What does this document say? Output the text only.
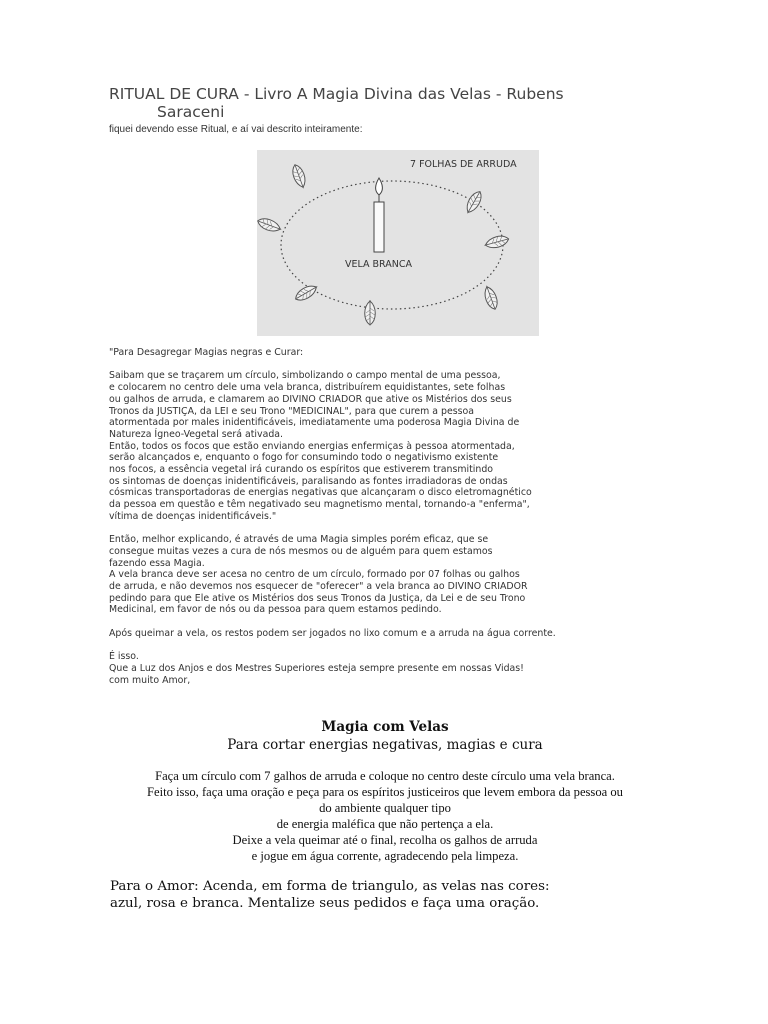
RITUAL DE CURA - Livro A Magia Divina das Velas - Rubens
Saraceni
fiquei devendo esse Ritual, e aí vai descrito inteiramente:
7 FOLHAS DE ARRUDA
VELA BRANCA
"Para Desagregar Magias negras e Curar:
Saibam que se traçarem um círculo, simbolizando o campo mental de uma pessoa,
e colocarem no centro dele uma vela branca, distribuírem equidistantes, sete folhas
ou galhos de arruda, e clamarem ao DIVINO CRIADOR que ative os Mistérios dos seus
Tronos da JUSTIÇA, da LEI e seu Trono "MEDICINAL", para que curem a pessoa
atormentada por males inidentificáveis, imediatamente uma poderosa Magia Divina de
Natureza Ígneo-Vegetal será ativada.
Então, todos os focos que estão enviando energias enfermiças à pessoa atormentada,
serão alcançados e, enquanto o fogo for consumindo todo o negativismo existente
nos focos, a essência vegetal irá curando os espíritos que estiverem transmitindo
os sintomas de doenças inidentificáveis, paralisando as fontes irradiadoras de ondas
cósmicas transportadoras de energias negativas que alcançaram o disco eletromagnético
da pessoa em questão e têm negativado seu magnetismo mental, tornando-a "enferma",
vítima de doenças inidentificáveis."
Então, melhor explicando, é através de uma Magia simples porém eficaz, que se
consegue muitas vezes a cura de nós mesmos ou de alguém para quem estamos
fazendo essa Magia.
A vela branca deve ser acesa no centro de um círculo, formado por 07 folhas ou galhos
de arruda, e não devemos nos esquecer de "oferecer" a vela branca ao DIVINO CRIADOR
pedindo para que Ele ative os Mistérios dos seus Tronos da Justiça, da Lei e de seu Trono
Medicinal, em favor de nós ou da pessoa para quem estamos pedindo.
Após queimar a vela, os restos podem ser jogados no lixo comum e a arruda na água corrente.
É isso.
Que a Luz dos Anjos e dos Mestres Superiores esteja sempre presente em nossas Vidas!
com muito Amor,
Magia com Velas
Para cortar energias negativas, magias e cura
Faça um círculo com 7 galhos de arruda e coloque no centro deste círculo uma vela branca.
Feito isso, faça uma oração e peça para os espíritos justiceiros que levem embora da pessoa ou
do ambiente qualquer tipo
de energia maléfica que não pertença a ela.
Deixe a vela queimar até o final, recolha os galhos de arruda
e jogue em água corrente, agradecendo pela limpeza.
Para o Amor: Acenda, em forma de triangulo, as velas nas cores:
azul, rosa e branca. Mentalize seus pedidos e faça uma oração.
